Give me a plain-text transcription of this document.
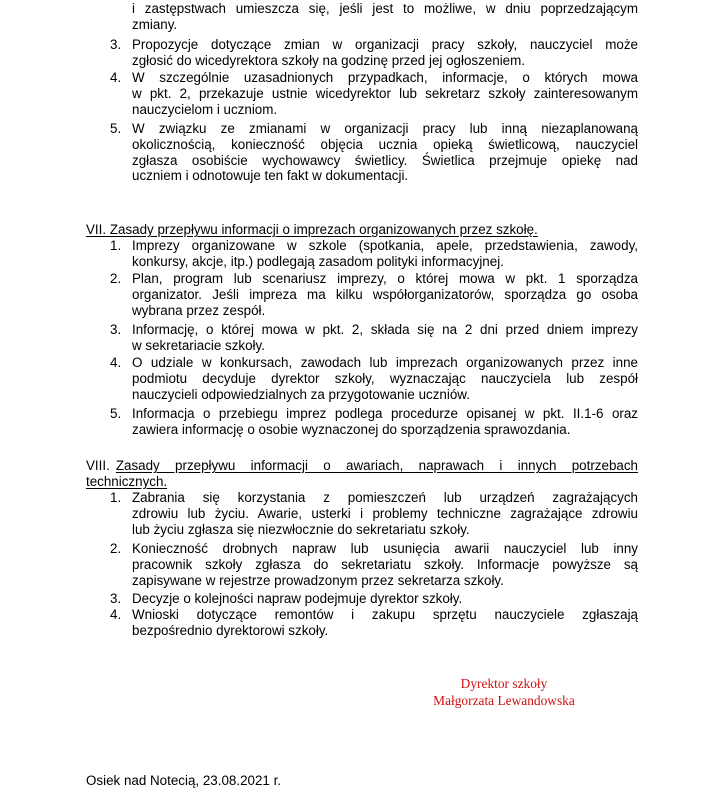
i zastępstwach umieszcza się, jeśli jest to możliwe, w dniu poprzedzającym
zmiany.
3. Propozycje dotyczące zmian w organizacji pracy szkoły, nauczyciel może
zgłosić do wicedyrektora szkoły na godzinę przed jej ogłoszeniem.
4. W szczególnie uzasadnionych przypadkach, informacje, o których mowa
w pkt. 2, przekazuje ustnie wicedyrektor lub sekretarz szkoły zainteresowanym
nauczycielom i uczniom.
5. W związku ze zmianami w organizacji pracy lub inną niezaplanowaną
okolicznością, konieczność objęcia ucznia opieką świetlicową, nauczyciel
zgłasza osobiście wychowawcy świetlicy. Świetlica przejmuje opiekę nad
uczniem i odnotowuje ten fakt w dokumentacji.
VII. Zasady przepływu informacji o imprezach organizowanych przez szkołę.
1. Imprezy organizowane w szkole (spotkania, apele, przedstawienia, zawody,
konkursy, akcje, itp.) podlegają zasadom polityki informacyjnej.
2. Plan, program lub scenariusz imprezy, o której mowa w pkt. 1 sporządza
organizator. Jeśli impreza ma kilku współorganizatorów, sporządza go osoba
wybrana przez zespół.
3. Informację, o której mowa w pkt. 2, składa się na 2 dni przed dniem imprezy
w sekretariacie szkoły.
4. O udziale w konkursach, zawodach lub imprezach organizowanych przez inne
podmiotu decyduje dyrektor szkoły, wyznaczając nauczyciela lub zespół
nauczycieli odpowiedzialnych za przygotowanie uczniów.
5. Informacja o przebiegu imprez podlega procedurze opisanej w pkt. II.1-6 oraz
zawiera informację o osobie wyznaczonej do sporządzenia sprawozdania.
VIII. Zasady przepływu informacji o awariach, naprawach i innych potrzebach
technicznych.
1. Zabrania się korzystania z pomieszczeń lub urządzeń zagrażających
zdrowiu lub życiu. Awarie, usterki i problemy techniczne zagrażające zdrowiu
lub życiu zgłasza się niezwłocznie do sekretariatu szkoły.
2. Konieczność drobnych napraw lub usunięcia awarii nauczyciel lub inny
pracownik szkoły zgłasza do sekretariatu szkoły. Informacje powyższe są
zapisywane w rejestrze prowadzonym przez sekretarza szkoły.
3. Decyzje o kolejności napraw podejmuje dyrektor szkoły.
4. Wnioski dotyczące remontów i zakupu sprzętu nauczyciele zgłaszają
bezpośrednio dyrektorowi szkoły.
Dyrektor szkoły
Małgorzata Lewandowska
Osiek nad Notecią, 23.08.2021 r.
